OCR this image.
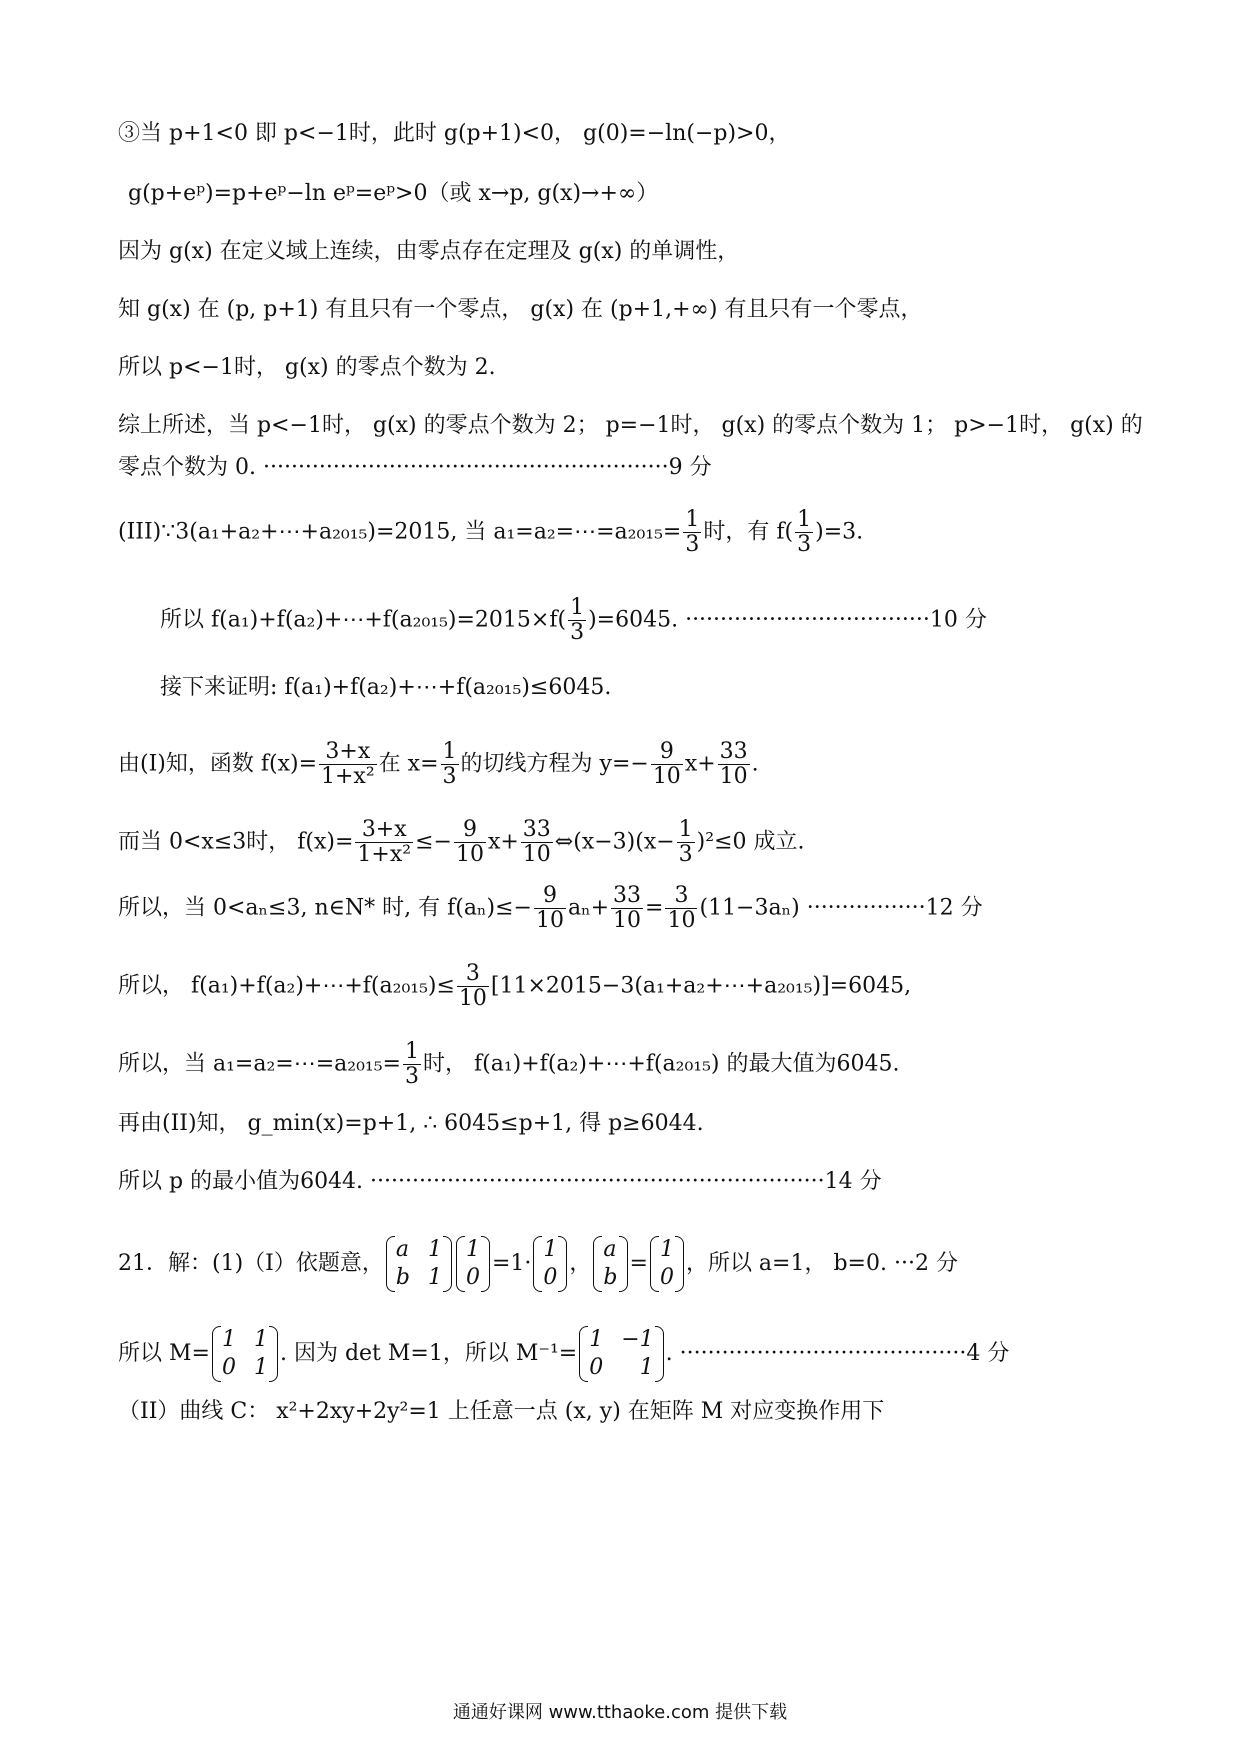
③当 p+1<0 即 p<−1时，此时 g(p+1)<0， g(0)=−ln(−p)>0，
g(p+eᵖ)=p+eᵖ−ln eᵖ=eᵖ>0（或 x→p, g(x)→+∞）
因为 g(x) 在定义域上连续，由零点存在定理及 g(x) 的单调性，
知 g(x) 在 (p, p+1) 有且只有一个零点， g(x) 在 (p+1,+∞) 有且只有一个零点，
所以 p<−1时， g(x) 的零点个数为 2.
综上所述，当 p<−1时， g(x) 的零点个数为 2； p=−1时， g(x) 的零点个数为 1； p>−1时， g(x) 的
零点个数为 0. ··························································9 分
(III)∵3(a₁+a₂+⋯+a₂₀₁₅)=2015, 当 a₁=a₂=⋯=a₂₀₁₅= $\frac{1}{3}$ 时，有 $f( \frac{1}{3} )=3$.
所以 f(a₁)+f(a₂)+⋯+f(a₂₀₁₅)=2015×f( $\frac{1}{3} )=6045$. ···································10 分
接下来证明: f(a₁)+f(a₂)+⋯+f(a₂₀₁₅)≤6045.
由(I)知，函数 $f(x)= \frac{3+x}{\text{1+x²}}$ 在 $x= \frac{1}{3}$ 的切线方程为 $y=- \frac{9}{10} x+ \frac{33}{10}$ .
而当 0<x≤3时， $f(x)= \frac{3+x}{\text{1+x²}} \le- \frac{9}{10} x+ \frac{33}{10}$ ⇔(x−3)(x− $\frac{1}{3} )^2\le 0$ 成立.
所以，当 0<aₙ≤3, n∈N* 时, 有 $f(a_n)\le- \frac{9}{10} a_n+ \frac{33}{10} = \frac{3}{10} (11-3a_n) \cdot\cdot\cdot\cdot\cdot\cdot\cdot\cdot\cdot\cdot\cdot\cdot\cdot\cdot\cdot\cdot\cdot 12$ 分
所以， f(a₁)+f(a₂)+⋯+f(a₂₀₁₅)≤ $\frac{3}{10}$ [11×2015−3(a₁+a₂+⋯+a₂₀₁₅)]=6045,
所以，当 a₁=a₂=⋯=a₂₀₁₅= $\frac{1}{3}$ 时， f(a₁)+f(a₂)+⋯+f(a₂₀₁₅) 的最大值为6045.
再由(II)知， g_min(x)=p+1, ∴ 6045≤p+1, 得 p≥6044.
所以 p 的最小值为6044. ·································································14 分
21．解：(1)（I）依题意，
a 1
b 1
1
0
=1·
1
0
，
a
b
=
1
0
，所以 a=1， b=0. ···2 分
所以 M=
1 1
0 1
. 因为 det M=1，所以 M⁻¹=
1 −1
0 1
. ·········································4 分
（II）曲线 C： x²+2xy+2y²=1 上任意一点 (x, y) 在矩阵 M 对应变换作用下
通通好课网 www.tthaoke.com 提供下载
